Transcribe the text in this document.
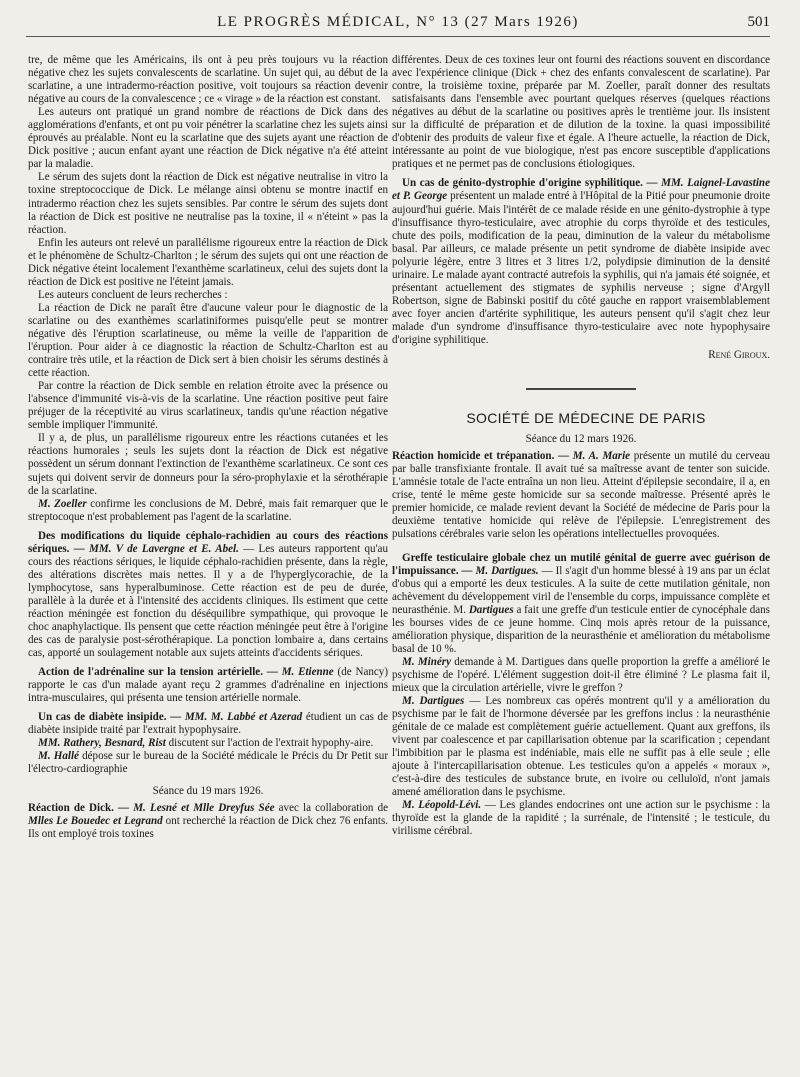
LE PROGRÈS MÉDICAL, N° 13 (27 Mars 1926)	501

tre, de même que les Américains, ils ont à peu près toujours vu la réaction négative chez les sujets convalescents de scarlatine. Un sujet qui, au début de la scarlatine, a une intradermo-réaction positive, voit toujours sa réaction devenir négative au cours de la convalescence ; ce « virage » de la réaction est constant.

Les auteurs ont pratiqué un grand nombre de réactions de Dick dans des agglomérations d'enfants, et ont pu voir pénétrer la scarlatine chez les sujets ainsi éprouvés au préalable. Nont eu la scarlatine que des sujets ayant une réaction de Dick positive ; aucun enfant ayant une réaction de Dick négative n'a été atteint par la maladie.

Le sérum des sujets dont la réaction de Dick est négative neutralise in vitro la toxine streptococcique de Dick. Le mélange ainsi obtenu se montre inactif en intradermo réaction chez les sujets sensibles. Par contre le sérum des sujets dont la réaction de Dick est positive ne neutralise pas la toxine, il « n'éteint » pas la réaction.

Enfin les auteurs ont relevé un parallélisme rigoureux entre la réaction de Dick et le phénomène de Schultz-Charlton ; le sérum des sujets qui ont une réaction de Dick négative éteint localement l'exanthème scarlatineux, celui des sujets dont la réaction de Dick est positive ne l'éteint jamais.

Les auteurs concluent de leurs recherches :

La réaction de Dick ne paraît être d'aucune valeur pour le diagnostic de la scarlatine ou des exanthèmes scarlatiniformes puisqu'elle peut se montrer négative dès l'éruption scarlatineuse, ou même la veille de l'apparition de l'éruption. Pour aider à ce diagnostic la réaction de Schultz-Charlton est au contraire très utile, et la réaction de Dick sert à bien choisir les sérums destinés à cette réaction.

Par contre la réaction de Dick semble en relation étroite avec la présence ou l'absence d'immunité vis-à-vis de la scarlatine. Une réaction positive peut faire préjuger de la réceptivité au virus scarlatineux, tandis qu'une réaction négative semble impliquer l'immunité.

Il y a, de plus, un parallélisme rigoureux entre les réactions cutanées et les réactions humorales ; seuls les sujets dont la réaction de Dick est négative possèdent un sérum donnant l'extinction de l'exanthème scarlatineux. Ce sont ces sujets qui doivent servir de donneurs pour la séro-prophylaxie et la sérothérapie de la scarlatine.

M. Zoeller confirme les conclusions de M. Debré, mais fait remarquer que le streptocoque n'est probablement pas l'agent de la scarlatine.

Des modifications du liquide céphalo-rachidien au cours des réactions sériques. — MM. V de Lavergne et E. Abel. — Les auteurs rapportent qu'au cours des réactions sériques, le liquide céphalo-rachidien présente, dans la règle, des altérations discrètes mais nettes. Il y a de l'hyperglycorachie, de la lymphocytose, sans hyperalbuminose. Cette réaction est de peu de durée, parallèle à la durée et à l'intensité des accidents cliniques. Ils estiment que cette réaction méningée est fonction du déséquilibre sympathique, qui provoque le choc anaphylactique. Ils pensent que cette réaction méningée peut être à l'origine des cas de paralysie post-sérothérapique. La ponction lombaire a, dans certains cas, apporté un soulagement notable aux sujets atteints d'accidents sériques.

Action de l'adrénaline sur la tension artérielle. — M. Etienne (de Nancy) rapporte le cas d'un malade ayant reçu 2 grammes d'adrénaline en injections intra-musculaires, qui présenta une tension artérielle normale.

Un cas de diabète insipide. — MM. M. Labbé et Azerad étudient un cas de diabète insipide traité par l'extrait hypophysaire.

MM. Rathery, Besnard, Rist discutent sur l'action de l'extrait hypophy-aire.

M. Hallé dépose sur le bureau de la Société médicale le Précis du Dr Petit sur l'électro-cardiographie

Séance du 19 mars 1926.

Réaction de Dick. — M. Lesné et Mlle Dreyfus Sée avec la collaboration de Mlles Le Bouedec et Legrand ont recherché la réaction de Dick chez 76 enfants. Ils ont employé trois toxines

différentes. Deux de ces toxines leur ont fourni des réactions souvent en discordance avec l'expérience clinique (Dick + chez des enfants convalescent de scarlatine). Par contre, la troisième toxine, préparée par M. Zoeller, paraît donner des resultats satisfaisants dans l'ensemble avec pourtant quelques réserves (quelques réactions négatives au début de la scarlatine ou positives après le trentième jour. Ils insistent sur la difficulté de préparation et de dilution de la toxine. la quasi impossibilité d'obtenir des produits de valeur fixe et égale. A l'heure actuelle, la réaction de Dick, intéressante au point de vue biologique, n'est pas encore susceptible d'applications pratiques et ne permet pas de conclusions étiologiques.

Un cas de génito-dystrophie d'origine syphilitique. — MM. Laignel-Lavastine et P. George présentent un malade entré à l'Hôpital de la Pitié pour pneumonie droite aujourd'hui guérie. Mais l'intérêt de ce malade réside en une génito-dystrophie à type d'insuffisance thyro-testiculaire, avec atrophie du corps thyroïde et des testicules, chute des poils, modification de la peau, diminution de la valeur du métabolisme basal. Par ailleurs, ce malade présente un petit syndrome de diabète insipide avec polyurie légère, entre 3 litres et 3 litres 1/2, polydipsie diminution de la densité urinaire. Le malade ayant contracté autrefois la syphilis, qui n'a jamais été soignée, et présentant actuellement des stigmates de syphilis nerveuse ; signe d'Argyll Robertson, signe de Babinski positif du côté gauche en rapport vraisemblablement avec foyer ancien d'artérite syphilitique, les auteurs pensent qu'il s'agit chez leur malade d'un syndrome d'insuffisance thyro-testiculaire avec note hypophysaire d'origine syphilitique.

René Giroux.

SOCIÉTÉ DE MÉDECINE DE PARIS

Séance du 12 mars 1926.

Réaction homicide et trépanation. — M. A. Marie présente un mutilé du cerveau par balle transfixiante frontale. Il avait tué sa maîtresse avant de tenter son suicide. L'amnésie totale de l'acte entraîna un non lieu. Atteint d'épilepsie secondaire, il a, en crise, tenté le même geste homicide sur sa seconde maîtresse. Présenté après le premier homicide, ce malade revient devant la Société de médecine de Paris pour la deuxième tentative homicide qui relève de l'épilepsie. L'enregistrement des pulsations cérébrales varie selon les opérations intellectuelles provoquées.

Greffe testiculaire globale chez un mutilé génital de guerre avec guérison de l'impuissance. — M. Dartigues. — Il s'agit d'un homme blessé à 19 ans par un éclat d'obus qui a emporté les deux testicules. A la suite de cette mutilation génitale, non achèvement du développement viril de l'ensemble du corps, impuissance complète et neurasthénie. M. Dartigues a fait une greffe d'un testicule entier de cynocéphale dans les bourses vides de ce jeune homme. Cinq mois après retour de la puissance, amélioration physique, disparition de la neurasthénie et amélioration du métabolisme basal de 10 %.

M. Minéry demande à M. Dartigues dans quelle proportion la greffe a amélioré le psychisme de l'opéré. L'élément suggestion doit-il être éliminé ? Le plasma fait il, mieux que la circulation artérielle, vivre le greffon ?

M. Dartigues — Les nombreux cas opérés montrent qu'il y a amélioration du psychisme par le fait de l'hormone déversée par les greffons inclus : la neurasthénie génitale de ce malade est complètement guérie actuellement. Quant aux greffons, ils vivent par coalescence et par capillarisation obtenue par la scarification ; cependant l'imbibition par le plasma est indéniable, mais elle ne suffit pas à elle seule ; elle ajoute à l'intercapillarisation obtenue. Les testicules qu'on a appelés « moraux », c'est-à-dire des testicules de substance brute, en ivoire ou celluloïd, n'ont jamais amené amélioration dans le psychisme.

M. Léopold-Lévi. — Les glandes endocrines ont une action sur le psychisme : la thyroïde est la glande de la rapidité ; la surrénale, de l'intensité ; le testicule, du virilisme cérébral.
